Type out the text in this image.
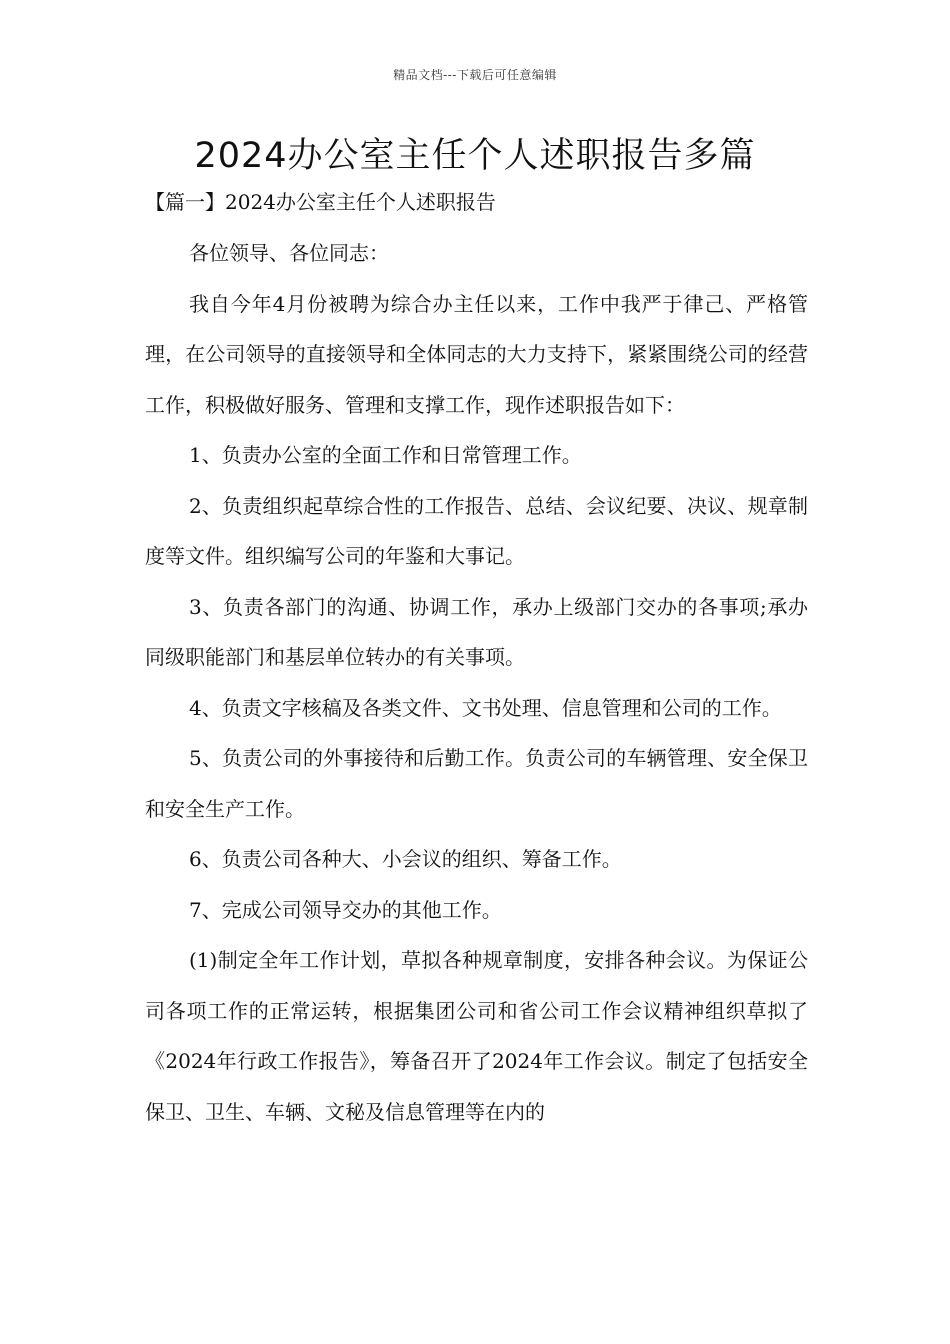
精品文档---下载后可任意编辑
2024办公室主任个人述职报告多篇
【篇一】2024办公室主任个人述职报告

各位领导、各位同志：

我自今年4月份被聘为综合办主任以来，工作中我严于律己、严格管理，在公司领导的直接领导和全体同志的大力支持下，紧紧围绕公司的经营工作，积极做好服务、管理和支撑工作，现作述职报告如下：

1、负责办公室的全面工作和日常管理工作。

2、负责组织起草综合性的工作报告、总结、会议纪要、决议、规章制度等文件。组织编写公司的年鉴和大事记。

3、负责各部门的沟通、协调工作，承办上级部门交办的各事项;承办同级职能部门和基层单位转办的有关事项。

4、负责文字核稿及各类文件、文书处理、信息管理和公司的工作。

5、负责公司的外事接待和后勤工作。负责公司的车辆管理、安全保卫和安全生产工作。

6、负责公司各种大、小会议的组织、筹备工作。

7、完成公司领导交办的其他工作。

(1)制定全年工作计划，草拟各种规章制度，安排各种会议。为保证公司各项工作的正常运转，根据集团公司和省公司工作会议精神组织草拟了《2024年行政工作报告》，筹备召开了2024年工作会议。制定了包括安全保卫、卫生、车辆、文秘及信息管理等在内的
